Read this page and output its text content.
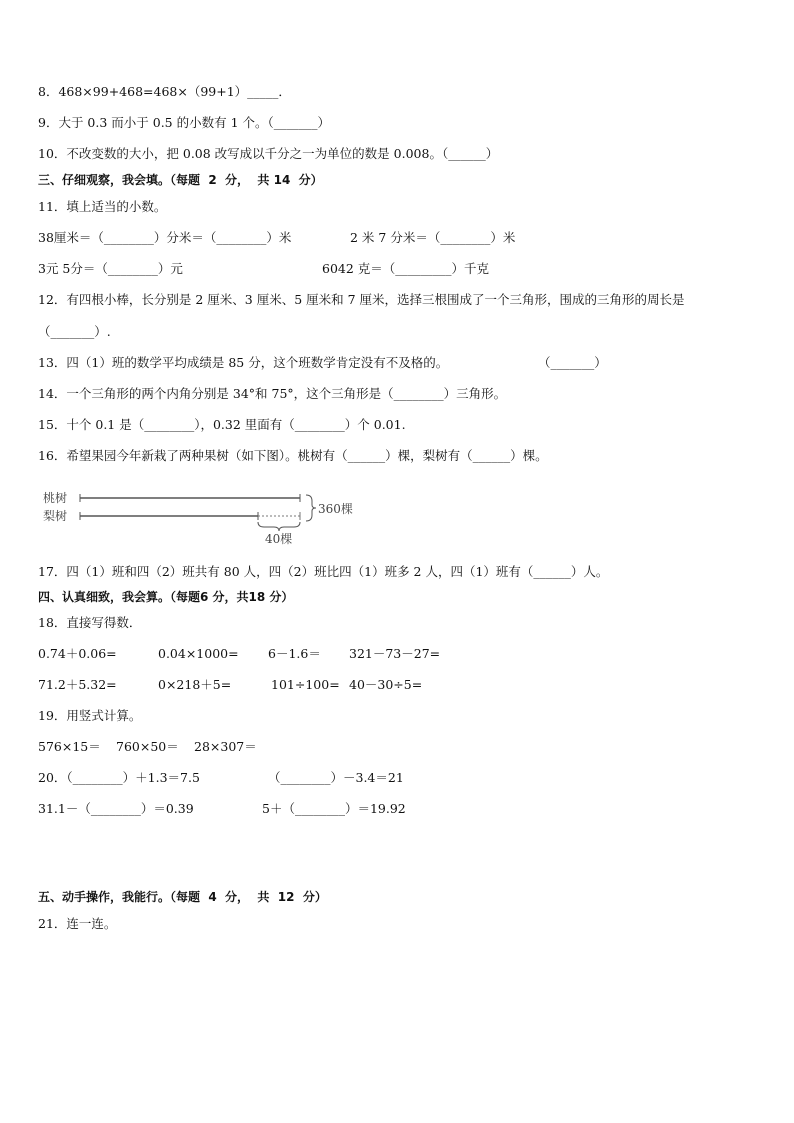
8．468×99+468=468×（99+1）_____．
9．大于 0.3 而小于 0.5 的小数有 1 个。（_______）
10．不改变数的大小，把 0.08 改写成以千分之一为单位的数是 0.008。（______）
三、仔细观察，我会填。（每题  2  分，  共 14  分）
11．填上适当的小数。
38厘米＝（________）分米＝（________）米	2 米 7 分米＝（________）米
3元 5分＝（________）元	6042 克＝（_________）千克
12．有四根小棒，长分别是 2 厘米、3 厘米、5 厘米和 7 厘米，选择三根围成了一个三角形，围成的三角形的周长是
（_______）.
13．四（1）班的数学平均成绩是 85 分，这个班数学肯定没有不及格的。	（_______）
14．一个三角形的两个内角分别是 34°和 75°，这个三角形是（________）三角形。
15．十个 0.1 是（________），0.32 里面有（________）个 0.01.
16．希望果园今年新栽了两种果树（如下图）。桃树有（______）棵，梨树有（______）棵。
桃树
梨树	360棵
40棵
17．四（1）班和四（2）班共有 80 人，四（2）班比四（1）班多 2 人，四（1）班有（______）人。
四、认真细致，我会算。（每题6 分，共18 分）
18．直接写得数．
0.74＋0.06=	0.04×1000= 6－1.6＝ 321－73－27=
71.2＋5.32=	0×218＋5=	101÷100= 40－30÷5=
19．用竖式计算。
576×15＝ 760×50＝ 28×307＝
20．（________）＋1.3＝7.5	（________）－3.4＝21
31.1－（________）＝0.39	5＋（________）＝19.92
五、动手操作，我能行。（每题  4  分，  共  12  分）
21．连一连。
